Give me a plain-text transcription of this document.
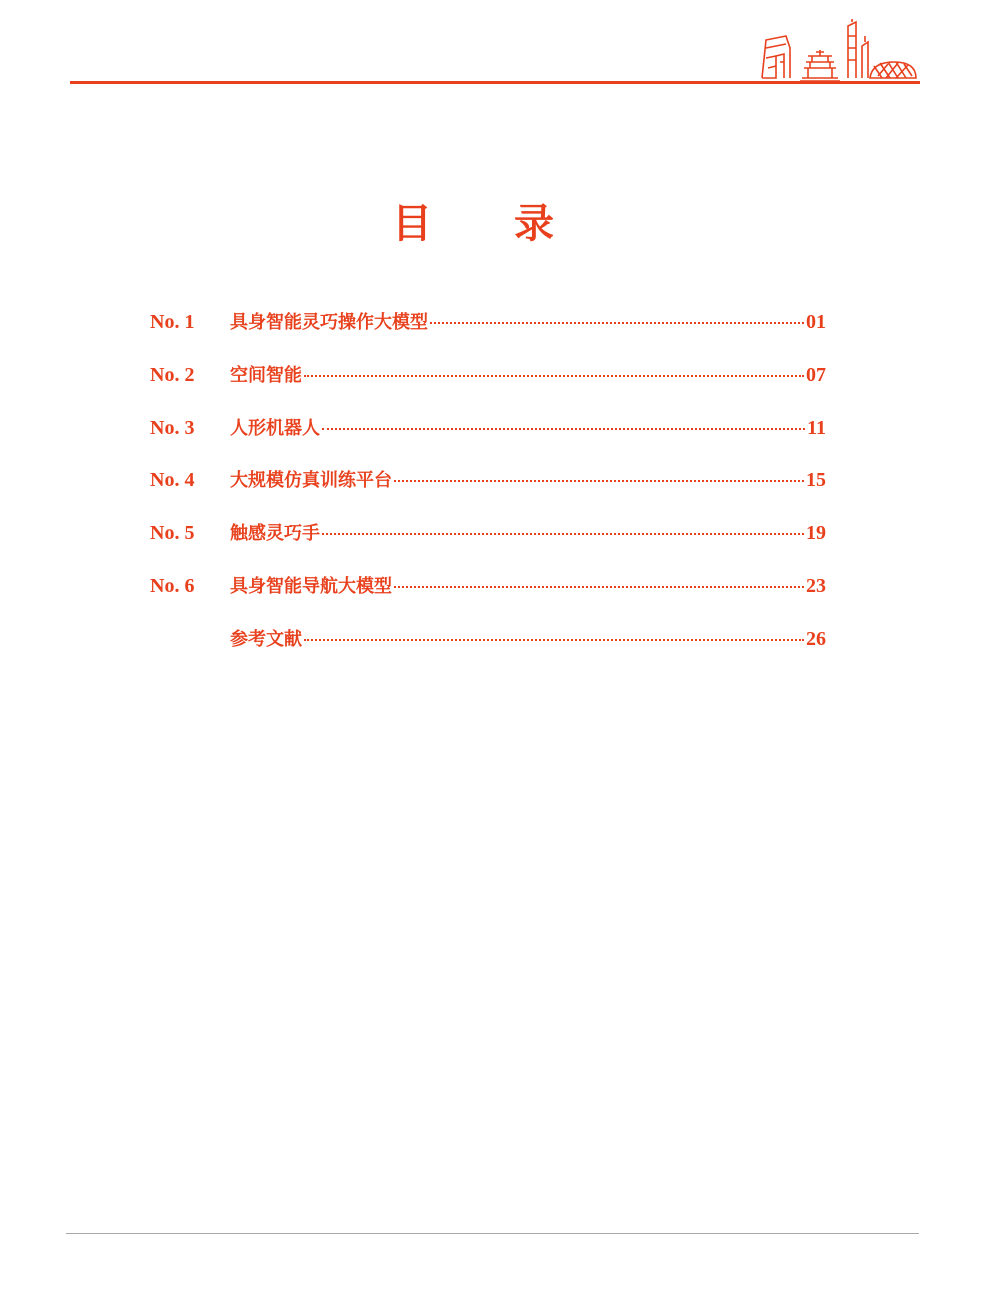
目 录
No. 1	具身智能灵巧操作大模型	01
No. 2	空间智能	07
No. 3	人形机器人	11
No. 4	大规模仿真训练平台	15
No. 5	触感灵巧手	19
No. 6	具身智能导航大模型	23
参考文献	26
